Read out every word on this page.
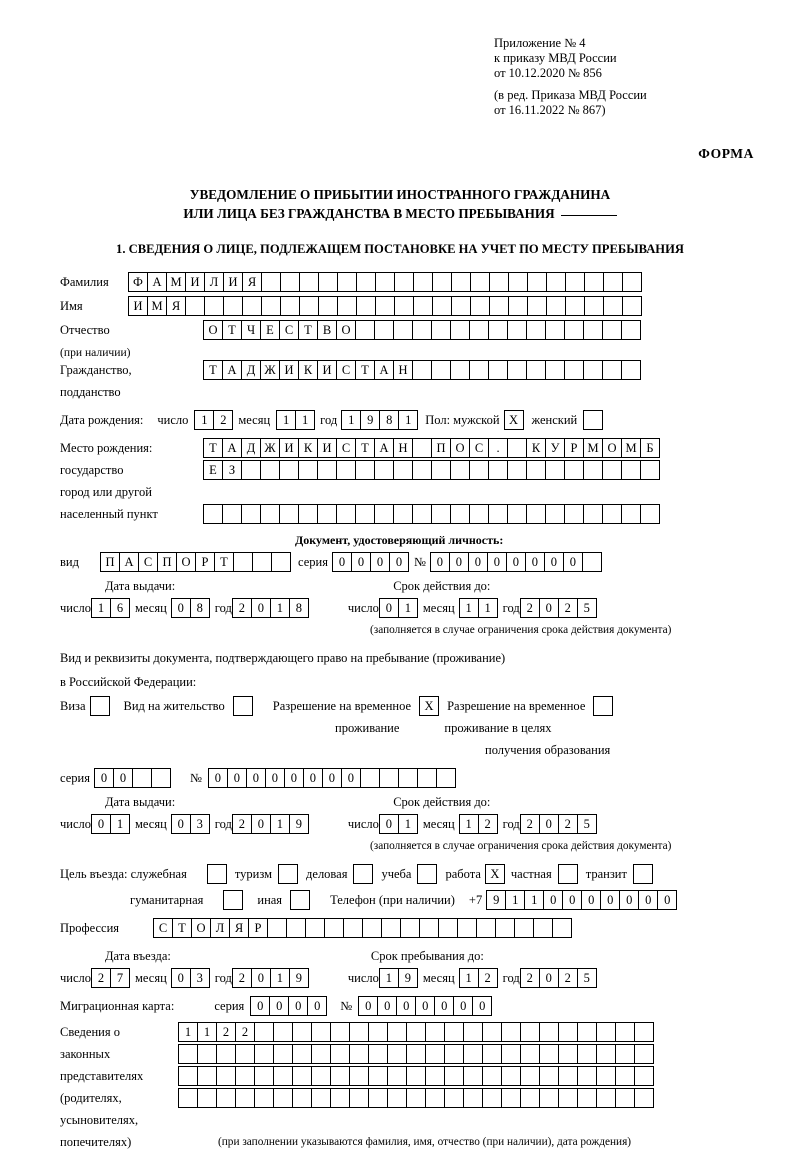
Приложение № 4
к приказу МВД России
от 10.12.2020 № 856
(в ред. Приказа МВД России
от 16.11.2022 № 867)
ФОРМА
УВЕДОМЛЕНИЕ О ПРИБЫТИИ ИНОСТРАННОГО ГРАЖДАНИНА
ИЛИ ЛИЦА БЕЗ ГРАЖДАНСТВА В МЕСТО ПРЕБЫВАНИЯ
1. СВЕДЕНИЯ О ЛИЦЕ, ПОДЛЕЖАЩЕМ ПОСТАНОВКЕ НА УЧЕТ ПО МЕСТУ ПРЕБЫВАНИЯ
Фамилия	Ф А М И Л И Я
Имя	И М Я
Отчество	О Т Ч Е С Т В О
(при наличии)
Гражданство,	Т А Д Ж И К И С Т А Н
подданство
Дата рождения: число	1	2 месяц	1	1 год 1	9	8	1	Пол: мужской X	женский
Место рождения:	Т А Д Ж И К И С Т А Н	П О С	.	К У Р М О М Б
государство	Е З
город или другой
населенный пункт
Документ, удостоверяющий личность:
вид	П А С П О Р Т	серия 0	0	0	0 № 0	0	0	0	0	0	0	0
Дата выдачи:	Срок действия до:
число 1	6 месяц 0	8 год 2	0	1	8	число 0	1 месяц 1	1 год 2	0	2	5
(заполняется в случае ограничения срока действия документа)
Вид и реквизиты документа, подтверждающего право на пребывание (проживание)
в Российской Федерации:
Виза	Вид на жительство	Разрешение на временное	X	Разрешение на временное
проживание	проживание в целях
получения образования
серия 0	0	№	0	0	0	0	0	0	0	0
Дата выдачи:	Срок действия до:
число 0	1 месяц 0	3 год 2	0	1	9	число 0	1 месяц 1	2 год 2	0	2	5
(заполняется в случае ограничения срока действия документа)
Цель въезда: служебная	туризм	деловая	учеба	работа X частная	транзит
гуманитарная	иная	Телефон (при наличии) +7 9	1	1	0	0	0	0	0	0	0
Профессия	С Т О Л Я Р
Дата въезда:	Срок пребывания до:
число 2	7 месяц 0	3 год 2	0	1	9	число 1	9 месяц 1	2 год 2	0	2	5
Миграционная карта:	серия	0	0	0	0	№	0	0	0	0	0	0	0
Сведения о	1	1	2	2
законных
представителях
(родителях,
усыновителях,
попечителях)	(при заполнении указываются фамилия, имя, отчество (при наличии), дата рождения)
